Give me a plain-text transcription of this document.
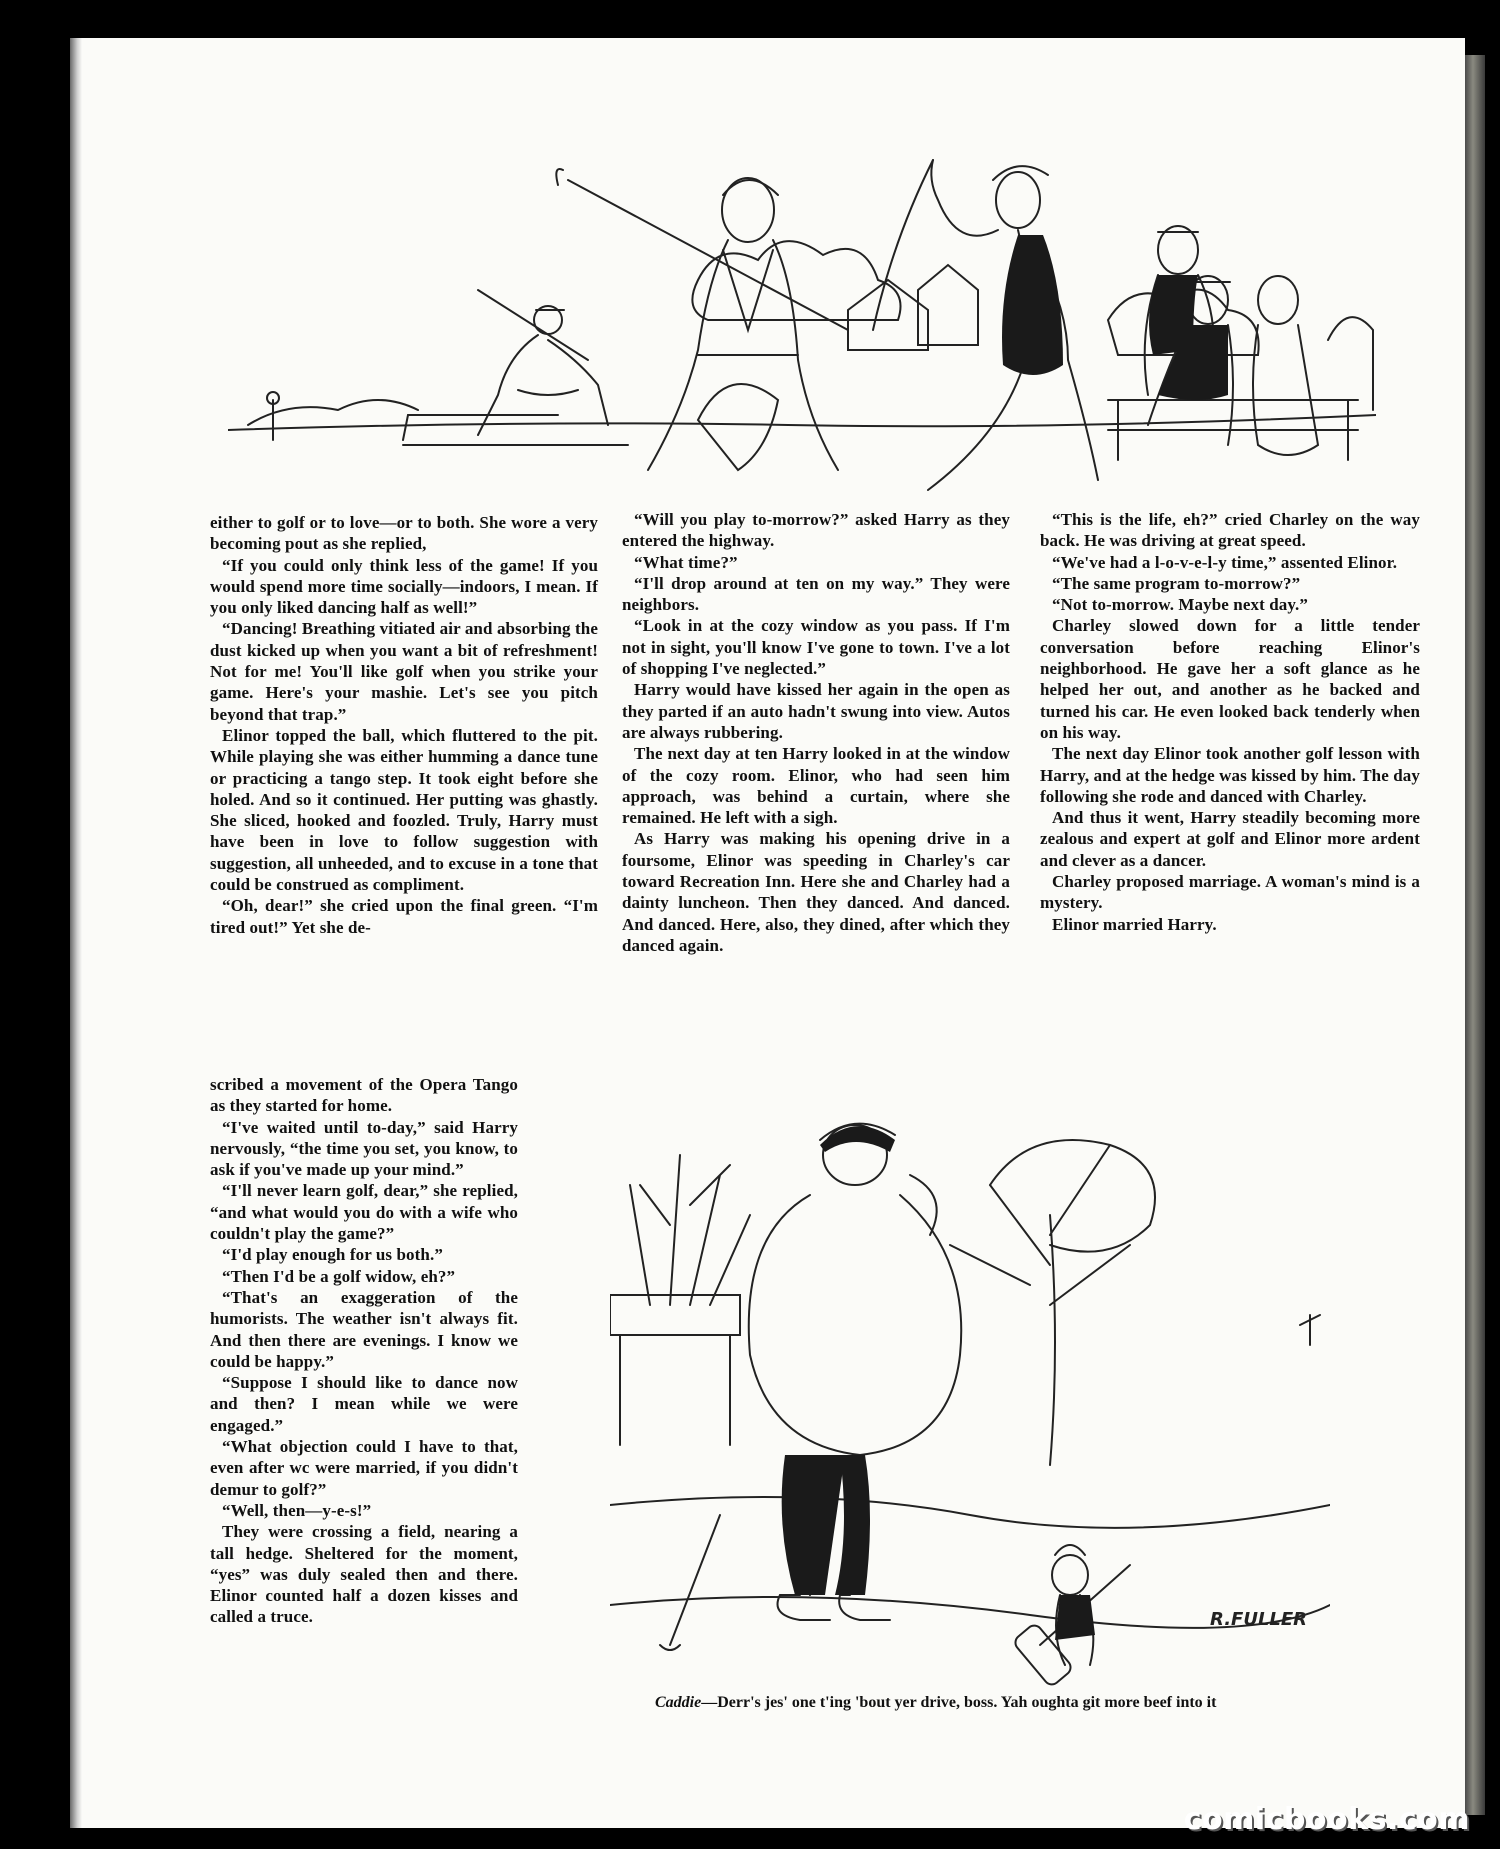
either to golf or to love—or to both. She wore a very becoming pout as she replied,

“If you could only think less of the game! If you would spend more time socially—indoors, I mean. If you only liked dancing half as well!”

“Dancing! Breathing vitiated air and absorbing the dust kicked up when you want a bit of refreshment! Not for me! You'll like golf when you strike your game. Here's your mashie. Let's see you pitch beyond that trap.”

Elinor topped the ball, which fluttered to the pit. While playing she was either humming a dance tune or practicing a tango step. It took eight before she holed. And so it continued. Her putting was ghastly. She sliced, hooked and foozled. Truly, Harry must have been in love to follow suggestion with suggestion, all unheeded, and to excuse in a tone that could be construed as compliment.

“Oh, dear!” she cried upon the final green. “I'm tired out!” Yet she de-

scribed a movement of the Opera Tango as they started for home.

“I've waited until to-day,” said Harry nervously, “the time you set, you know, to ask if you've made up your mind.”

“I'll never learn golf, dear,” she replied, “and what would you do with a wife who couldn't play the game?”

“I'd play enough for us both.”

“Then I'd be a golf widow, eh?”

“That's an exaggeration of the humorists. The weather isn't always fit. And then there are evenings. I know we could be happy.”

“Suppose I should like to dance now and then? I mean while we were engaged.”

“What objection could I have to that, even after wc were married, if you didn't demur to golf?”

“Well, then—y-e-s!”

They were crossing a field, nearing a tall hedge. Sheltered for the moment, “yes” was duly sealed then and there. Elinor counted half a dozen kisses and called a truce.

“Will you play to-morrow?” asked Harry as they entered the highway.

“What time?”

“I'll drop around at ten on my way.” They were neighbors.

“Look in at the cozy window as you pass. If I'm not in sight, you'll know I've gone to town. I've a lot of shopping I've neglected.”

Harry would have kissed her again in the open as they parted if an auto hadn't swung into view. Autos are always rubbering.

The next day at ten Harry looked in at the window of the cozy room. Elinor, who had seen him approach, was behind a curtain, where she remained. He left with a sigh.

As Harry was making his opening drive in a foursome, Elinor was speeding in Charley's car toward Recreation Inn. Here she and Charley had a dainty luncheon. Then they danced. And danced. And danced. Here, also, they dined, after which they danced again.

“This is the life, eh?” cried Charley on the way back. He was driving at great speed.

“We've had a l-o-v-e-l-y time,” assented Elinor.

“The same program to-morrow?”

“Not to-morrow. Maybe next day.”

Charley slowed down for a little tender conversation before reaching Elinor's neighborhood. He gave her a soft glance as he helped her out, and another as he backed and turned his car. He even looked back tenderly when on his way.

The next day Elinor took another golf lesson with Harry, and at the hedge was kissed by him. The day following she rode and danced with Charley.

And thus it went, Harry steadily becoming more zealous and expert at golf and Elinor more ardent and clever as a dancer.

Charley proposed marriage. A woman's mind is a mystery.

Elinor married Harry.

R.FULLER
Caddie—Derr's jes' one t'ing 'bout yer drive, boss. Yah oughta git more beef into it
comicbooks.com
